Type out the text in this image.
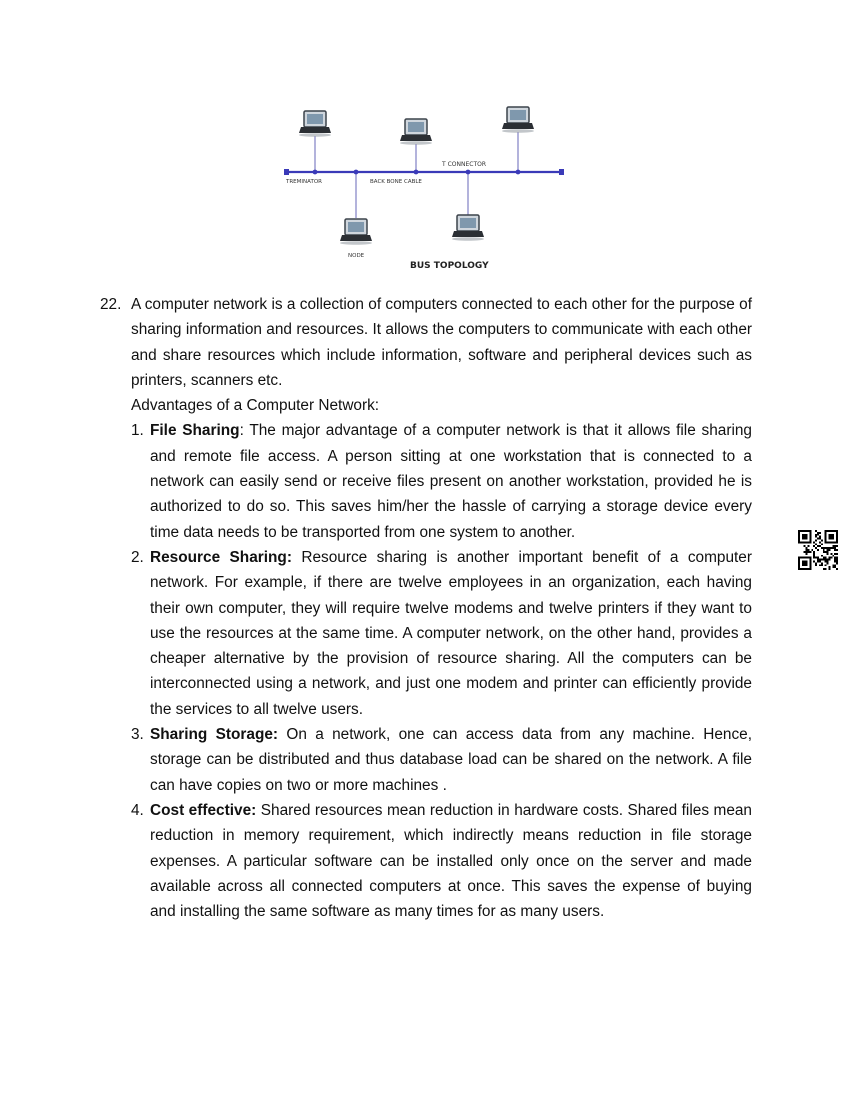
T CONNECTOR
TREMINATOR	BACK BONE CABLE
NODE
BUS TOPOLOGY
22. A computer network is a collection of computers connected to each other for the purpose of sharing information and resources. It allows the computers to communicate with each other and share resources which include information, software and peripheral devices such as printers, scanners etc.

Advantages of a Computer Network:

1. File Sharing: The major advantage of a computer network is that it allows file sharing and remote file access. A person sitting at one workstation that is connected to a network can easily send or receive files present on another workstation, provided he is authorized to do so. This saves him/her the hassle of carrying a storage device every time data needs to be transported from one system to another.
2. Resource Sharing: Resource sharing is another important benefit of a computer network. For example, if there are twelve employees in an organization, each having their own computer, they will require twelve modems and twelve printers if they want to use the resources at the same time. A computer network, on the other hand, provides a cheaper alternative by the provision of resource sharing. All the computers can be interconnected using a network, and just one modem and printer can efficiently provide the services to all twelve users.
3. Sharing Storage: On a network, one can access data from any machine. Hence, storage can be distributed and thus database load can be shared on the network. A file can have copies on two or more machines .
4. Cost effective: Shared resources mean reduction in hardware costs. Shared files mean reduction in memory requirement, which indirectly means reduction in file storage expenses. A particular software can be installed only once on the server and made available across all connected computers at once. This saves the expense of buying and installing the same software as many times for as many users.
